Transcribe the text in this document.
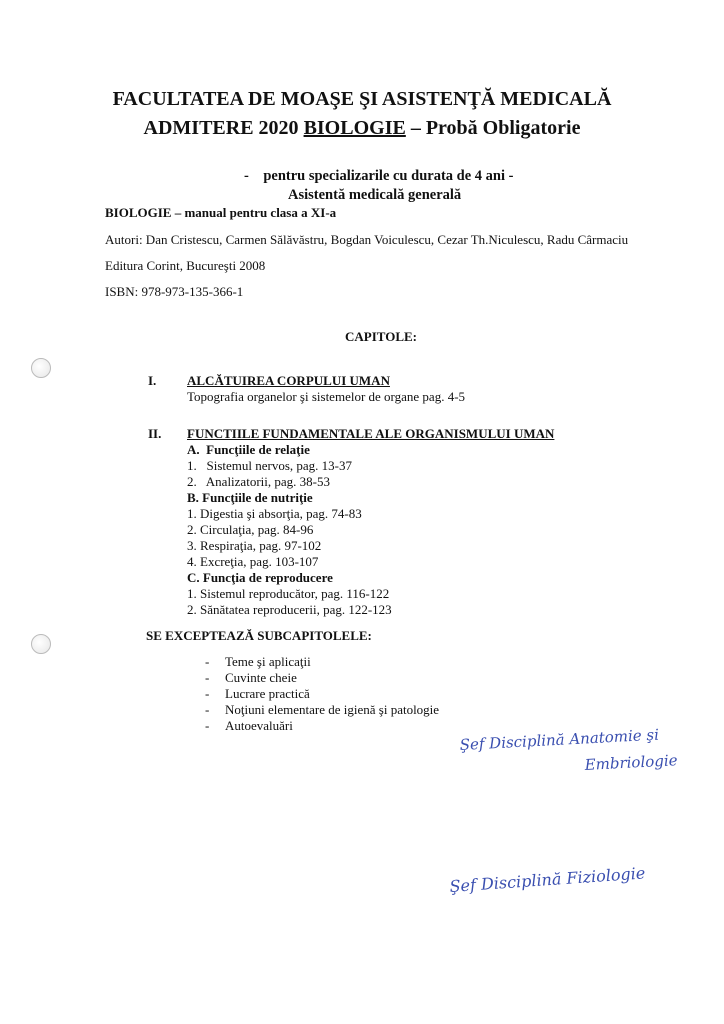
FACULTATEA DE MOAŞE ŞI ASISTENŢĂ MEDICALĂ
ADMITERE 2020 BIOLOGIE – Probă Obligatorie
-    pentru specializarile cu durata de 4 ani -
Asistentă medicală generală
BIOLOGIE – manual pentru clasa a XI-a
Autori: Dan Cristescu, Carmen Sălăvăstru, Bogdan Voiculescu, Cezar Th.Niculescu, Radu Cârmaciu
Editura Corint, Bucureşti 2008
ISBN: 978-973-135-366-1
CAPITOLE:
I. ALCĂTUIREA CORPULUI UMAN
Topografia organelor şi sistemelor de organe pag. 4-5
II. FUNCTIILE FUNDAMENTALE ALE ORGANISMULUI UMAN
A.  Funcţiile de relaţie
1.   Sistemul nervos, pag. 13-37
2.   Analizatorii, pag. 38-53
B. Funcţiile de nutriţie
1. Digestia şi absorţia, pag. 74-83
2. Circulaţia, pag. 84-96
3. Respiraţia, pag. 97-102
4. Excreţia, pag. 103-107
C. Funcţia de reproducere
1. Sistemul reproducător, pag. 116-122
2. Sănătatea reproducerii, pag. 122-123
SE EXCEPTEAZĂ SUBCAPITOLELE:
-	Teme şi aplicaţii
-	Cuvinte cheie
-	Lucrare practică
-	Noţiuni elementare de igienă şi patologie
-	Autoevaluări
Şef Disciplină Anatomie şi
Embriologie
Şef Disciplină Fiziologie
